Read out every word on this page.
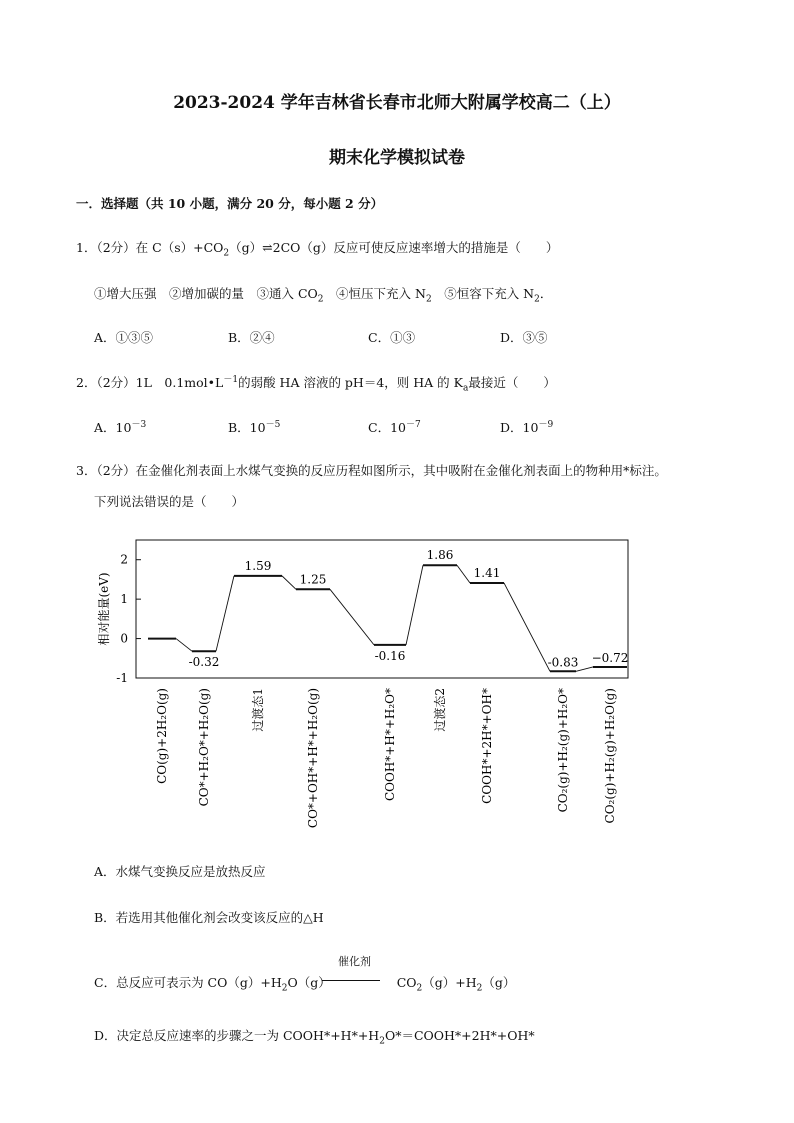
2023-2024 学年吉林省长春市北师大附属学校高二（上）
期末化学模拟试卷
一．选择题（共 10 小题，满分 20 分，每小题 2 分）
1．（2分）在 $C(s)+CO_2(g)\rightleftharpoons 2CO(g)$反应可使反应速率增大的措施是（　　）
①增大压强　②增加碳的量　③通入 $CO_2$　④恒压下充入 $N_2$　⑤恒容下充入 $N_2$．
A．①③⑤	B．②④	C．①③	D．③⑤
2．（2分）1L　$0.1mol•L^{-1}$的弱酸 HA 溶液的 pH＝4，则 HA 的 $K_a$最接近（　　）
A．$10^{-3}$	B．$10^{-5}$	C．$10^{-7}$	D．$10^{-9}$
3．（2分）在金催化剂表面上水煤气变换的反应历程如图所示，其中吸附在金催化剂表面上的物种用*标注。
下列说法错误的是（　　）
-1
0
1
2
相对能量(eV)
CO(g)+2H₂O(g)
-0.32
CO*+H₂O*+H₂O(g)
1.59
过渡态1
1.25
CO*+OH*+H*+H₂O(g)
-0.16
COOH*+H*+H₂O*
1.86
过渡态2
1.41
COOH*+2H*+OH*
-0.83
CO₂(g)+H₂(g)+H₂O*
−0.72
CO₂(g)+H₂(g)+H₂O(g)
A．水煤气变换反应是放热反应
B．若选用其他催化剂会改变该反应的△H
催化剂
C．总反应可表示为 $CO(g)+H_2O(g)$	$CO_2(g)+H_2(g)$
D．决定总反应速率的步骤之一为 $COOH*+H*+H_2O*=COOH*+2H*+OH*$
